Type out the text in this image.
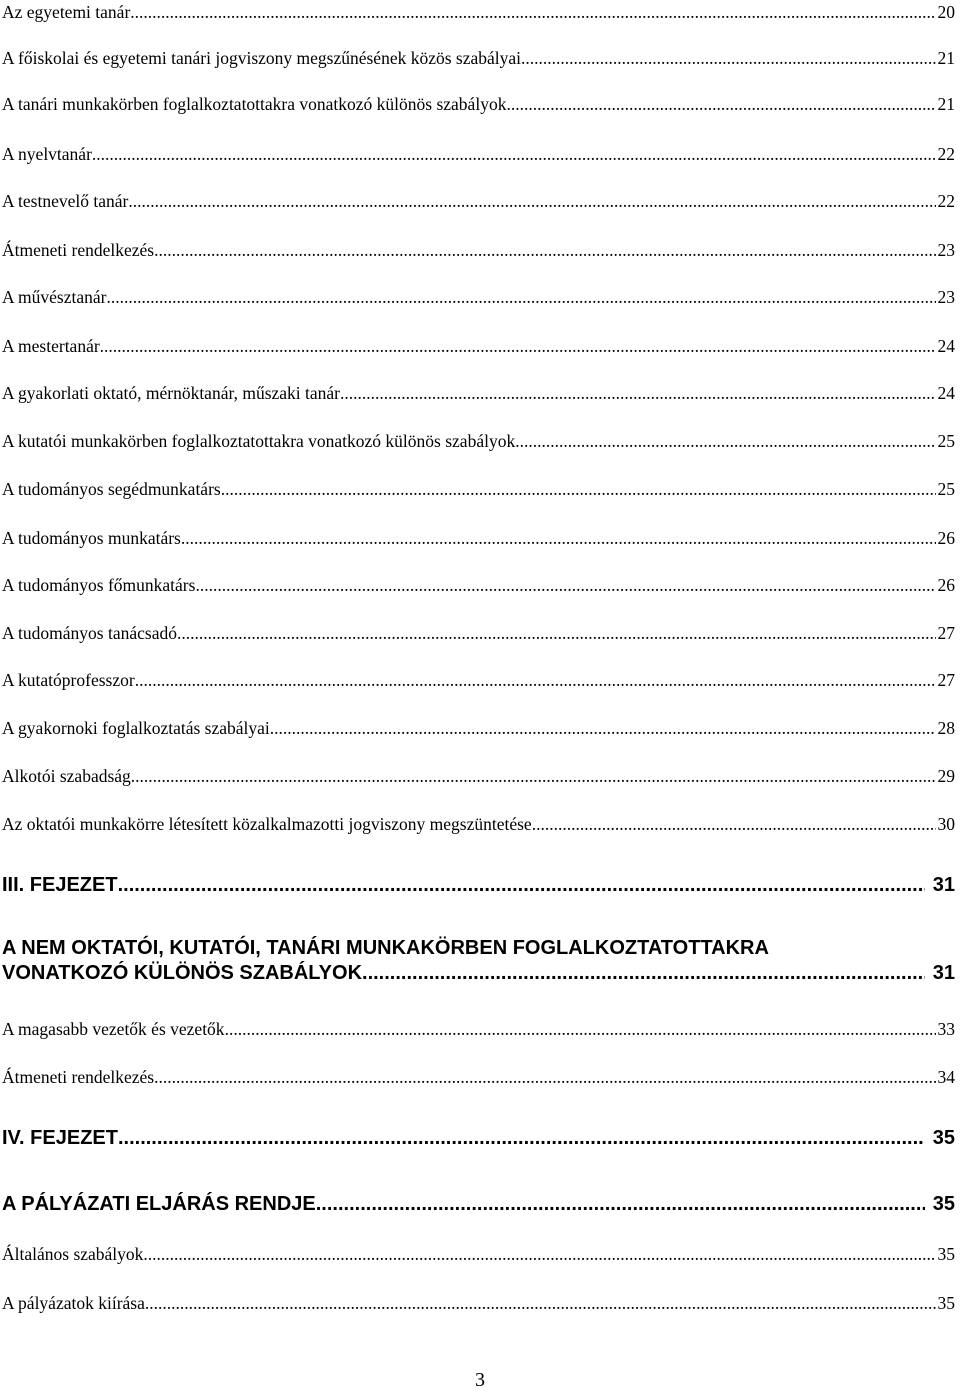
Az egyetemi tanár .....	20
A főiskolai és egyetemi tanári jogviszony megszűnésének közös szabályai .....	21
A tanári munkakörben foglalkoztatottakra vonatkozó különös szabályok .....	21
A nyelvtanár .....	22
A testnevelő tanár .....	22
Átmeneti rendelkezés .....	23
A művésztanár .....	23
A mestertanár .....	24
A gyakorlati oktató, mérnöktanár, műszaki tanár .....	24
A kutatói munkakörben foglalkoztatottakra vonatkozó különös szabályok .....	25
A tudományos segédmunkatárs .....	25
A tudományos munkatárs .....	26
A tudományos főmunkatárs .....	26
A tudományos tanácsadó .....	27
A kutatóprofesszor .....	27
A gyakornoki foglalkoztatás szabályai .....	28
Alkotói szabadság .....	29
Az oktatói munkakörre létesített közalkalmazotti jogviszony megszüntetése .....	30
III. FEJEZET .....	31
A NEM OKTATÓI, KUTATÓI, TANÁRI MUNKAKÖRBEN FOGLALKOZTATOTTAKRA
VONATKOZÓ KÜLÖNÖS SZABÁLYOK .....	31
A magasabb vezetők és vezetők .....	33
Átmeneti rendelkezés .....	34
IV. FEJEZET .....	35
A PÁLYÁZATI ELJÁRÁS RENDJE .....	35
Általános szabályok .....	35
A pályázatok kiírása .....	35
3
